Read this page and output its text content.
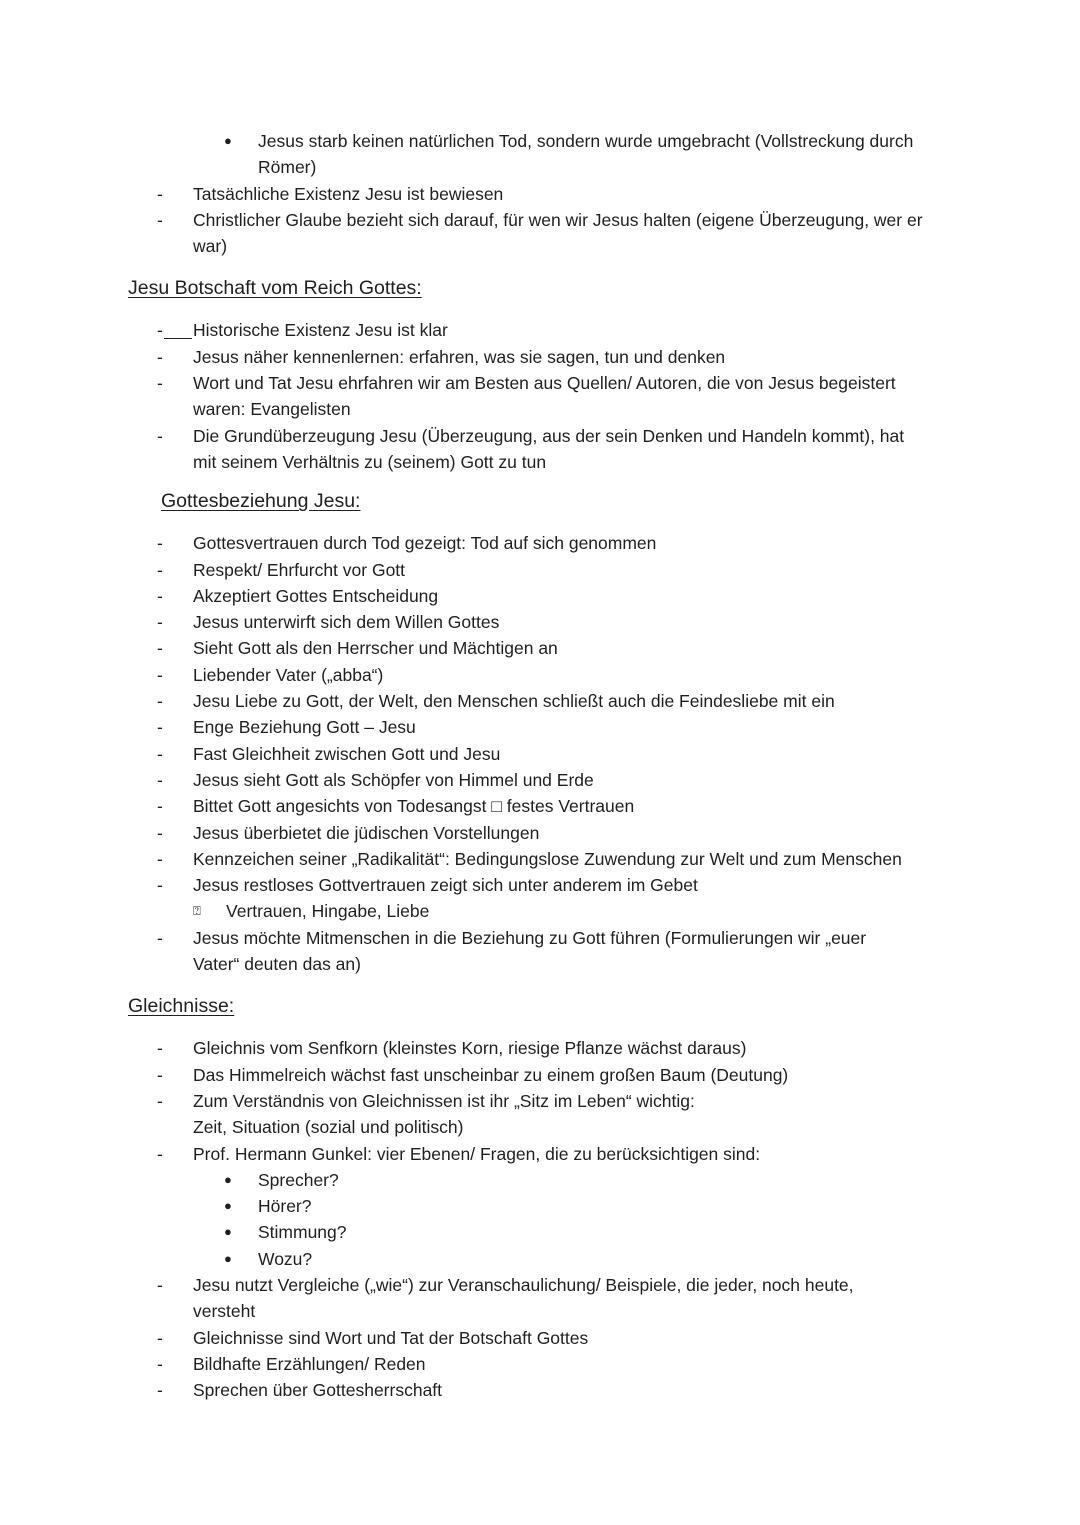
● Jesus starb keinen natürlichen Tod, sondern wurde umgebracht (Vollstreckung durch
Römer)
- Tatsächliche Existenz Jesu ist bewiesen
- Christlicher Glaube bezieht sich darauf, für wen wir Jesus halten (eigene Überzeugung, wer er
war)
Jesu Botschaft vom Reich Gottes:
- Historische Existenz Jesu ist klar
- Jesus näher kennenlernen: erfahren, was sie sagen, tun und denken
- Wort und Tat Jesu ehrfahren wir am Besten aus Quellen/ Autoren, die von Jesus begeistert
waren: Evangelisten
- Die Grundüberzeugung Jesu (Überzeugung, aus der sein Denken und Handeln kommt), hat
mit seinem Verhältnis zu (seinem) Gott zu tun
Gottesbeziehung Jesu:
- Gottesvertrauen durch Tod gezeigt: Tod auf sich genommen
- Respekt/ Ehrfurcht vor Gott
- Akzeptiert Gottes Entscheidung
- Jesus unterwirft sich dem Willen Gottes
- Sieht Gott als den Herrscher und Mächtigen an
- Liebender Vater („abba“)
- Jesu Liebe zu Gott, der Welt, den Menschen schließt auch die Feindesliebe mit ein
- Enge Beziehung Gott – Jesu
- Fast Gleichheit zwischen Gott und Jesu
- Jesus sieht Gott als Schöpfer von Himmel und Erde
- Bittet Gott angesichts von Todesangst □ festes Vertrauen
- Jesus überbietet die jüdischen Vorstellungen
- Kennzeichen seiner „Radikalität“: Bedingungslose Zuwendung zur Welt und zum Menschen
- Jesus restloses Gottvertrauen zeigt sich unter anderem im Gebet
⍰ Vertrauen, Hingabe, Liebe
- Jesus möchte Mitmenschen in die Beziehung zu Gott führen (Formulierungen wir „euer
Vater“ deuten das an)
Gleichnisse:
- Gleichnis vom Senfkorn (kleinstes Korn, riesige Pflanze wächst daraus)
- Das Himmelreich wächst fast unscheinbar zu einem großen Baum (Deutung)
- Zum Verständnis von Gleichnissen ist ihr „Sitz im Leben“ wichtig:
Zeit, Situation (sozial und politisch)
- Prof. Hermann Gunkel: vier Ebenen/ Fragen, die zu berücksichtigen sind:
● Sprecher?
● Hörer?
● Stimmung?
● Wozu?
- Jesu nutzt Vergleiche („wie“) zur Veranschaulichung/ Beispiele, die jeder, noch heute,
versteht
- Gleichnisse sind Wort und Tat der Botschaft Gottes
- Bildhafte Erzählungen/ Reden
- Sprechen über Gottesherrschaft
